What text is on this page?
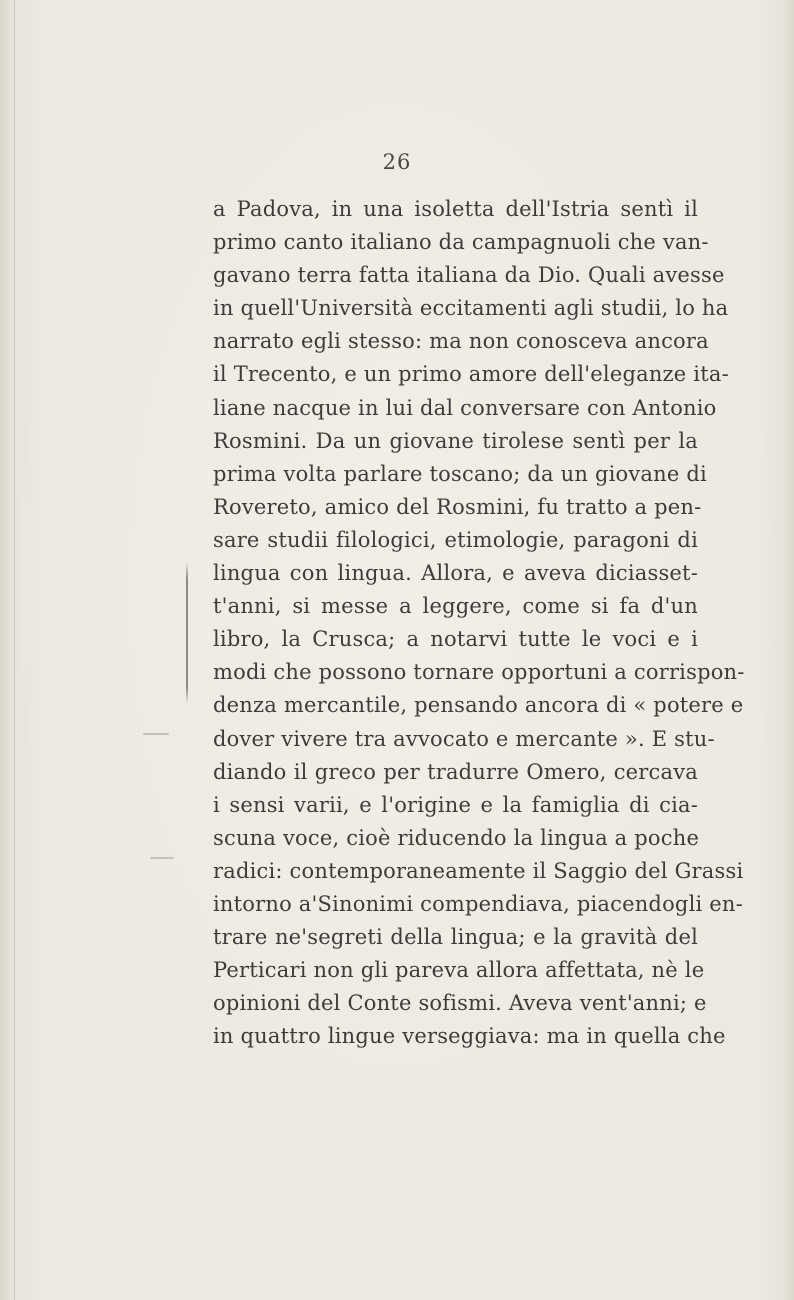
26
a Padova, in una isoletta dell'Istria sentì il
primo canto italiano da campagnuoli che van-
gavano terra fatta italiana da Dio. Quali avesse
in quell'Università eccitamenti agli studii, lo ha
narrato egli stesso: ma non conosceva ancora
il Trecento, e un primo amore dell'eleganze ita-
liane nacque in lui dal conversare con Antonio
Rosmini. Da un giovane tirolese sentì per la
prima volta parlare toscano; da un giovane di
Rovereto, amico del Rosmini, fu tratto a pen-
sare studii filologici, etimologie, paragoni di
lingua con lingua. Allora, e aveva diciasset-
t'anni, si messe a leggere, come si fa d'un
libro, la Crusca; a notarvi tutte le voci e i
modi che possono tornare opportuni a corrispon-
denza mercantile, pensando ancora di « potere e
dover vivere tra avvocato e mercante ». E stu-
diando il greco per tradurre Omero, cercava
i sensi varii, e l'origine e la famiglia di cia-
scuna voce, cioè riducendo la lingua a poche
radici: contemporaneamente il Saggio del Grassi
intorno a'Sinonimi compendiava, piacendogli en-
trare ne'segreti della lingua; e la gravità del
Perticari non gli pareva allora affettata, nè le
opinioni del Conte sofismi. Aveva vent'anni; e
in quattro lingue verseggiava: ma in quella che
